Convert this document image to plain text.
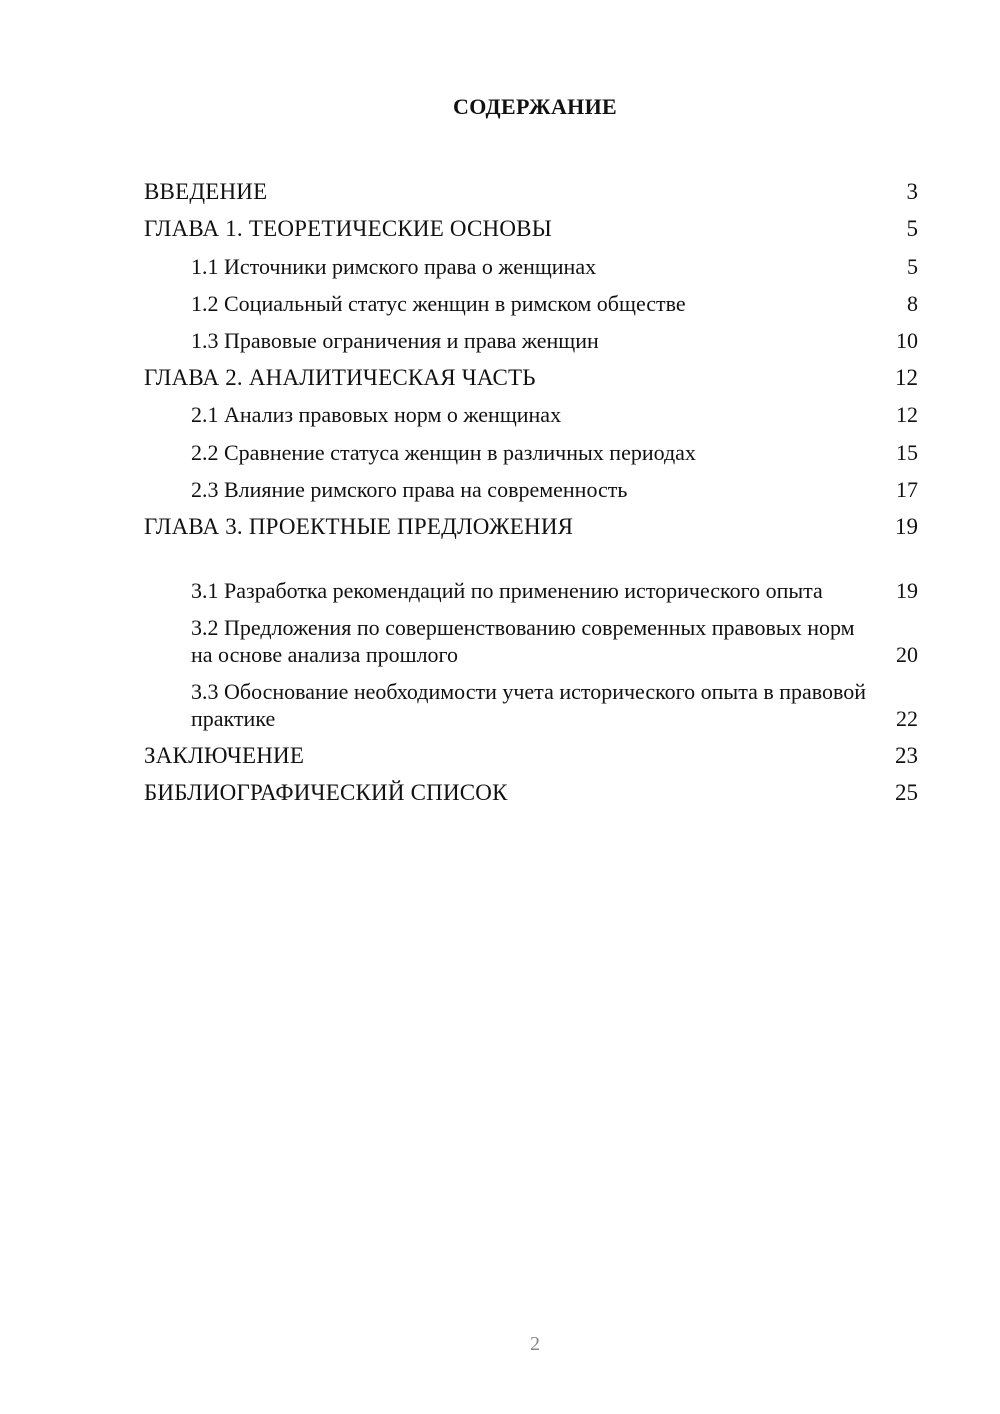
СОДЕРЖАНИЕ
ВВЕДЕНИЕ	3
ГЛАВА 1. ТЕОРЕТИЧЕСКИЕ ОСНОВЫ	5
1.1 Источники римского права о женщинах	5
1.2 Социальный статус женщин в римском обществе	8
1.3 Правовые ограничения и права женщин	10
ГЛАВА 2. АНАЛИТИЧЕСКАЯ ЧАСТЬ	12
2.1 Анализ правовых норм о женщинах	12
2.2 Сравнение статуса женщин в различных периодах	15
2.3 Влияние римского права на современность	17
ГЛАВА 3. ПРОЕКТНЫЕ ПРЕДЛОЖЕНИЯ	19
3.1 Разработка рекомендаций по применению исторического опыта	19
3.2 Предложения по совершенствованию современных правовых норм на основе анализа прошлого	20
3.3 Обоснование необходимости учета исторического опыта в правовой практике	22
ЗАКЛЮЧЕНИЕ	23
БИБЛИОГРАФИЧЕСКИЙ СПИСОК	25
2
